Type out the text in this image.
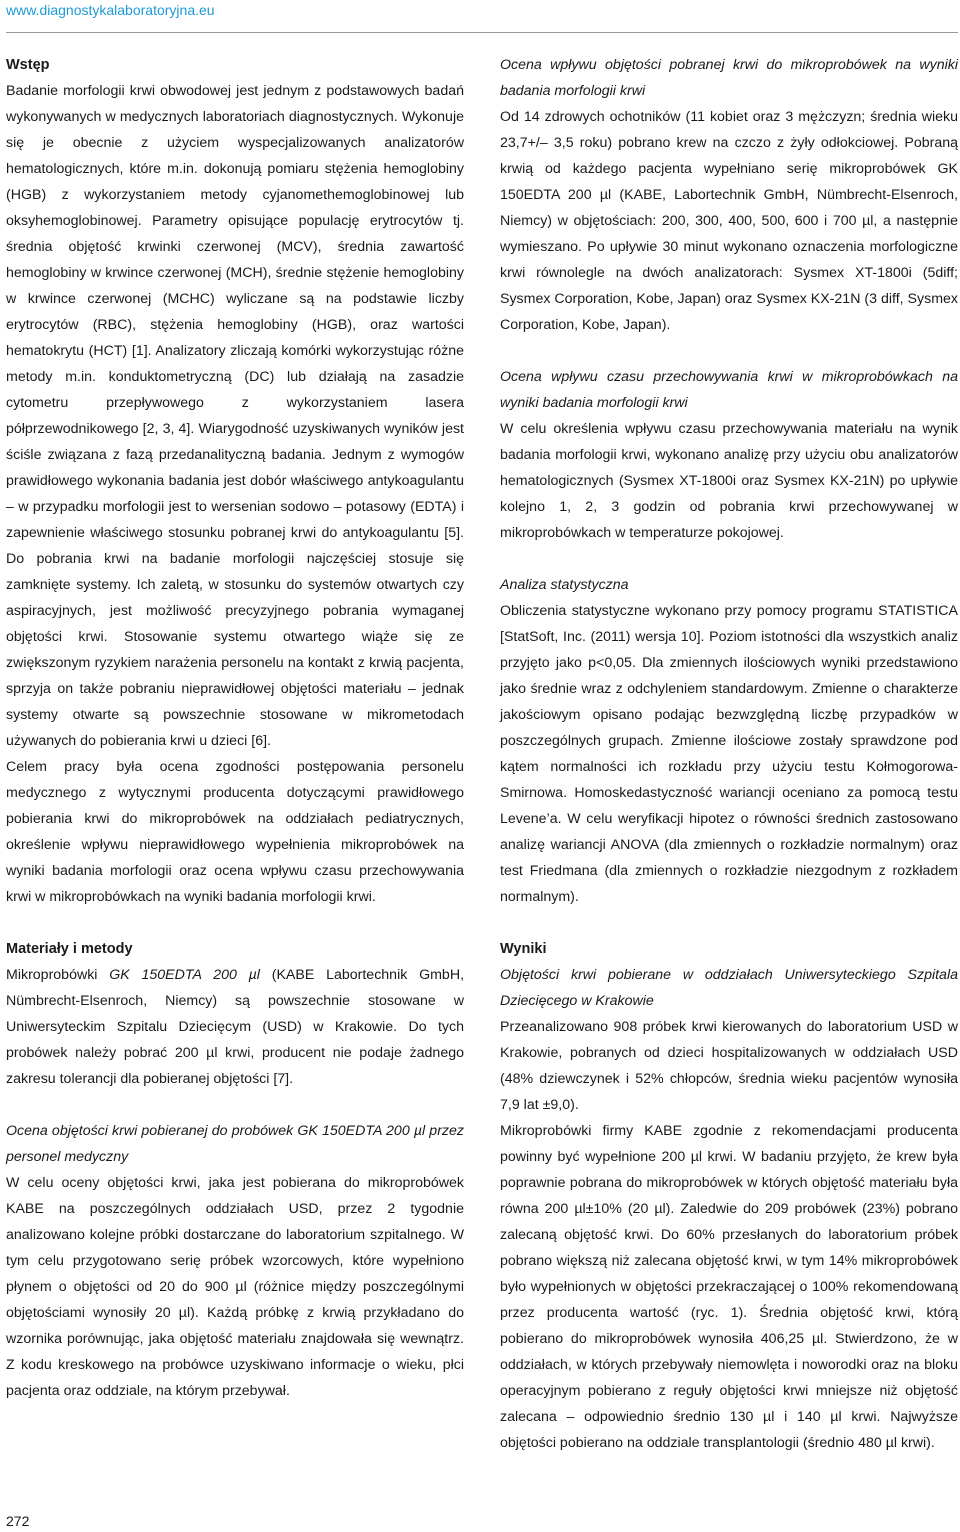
www.diagnostykalaboratoryjna.eu
Wstęp

Badanie morfologii krwi obwodowej jest jednym z podstawowych badań wykonywanych w medycznych laboratoriach diagnostycznych. Wykonuje się je obecnie z użyciem wyspecjalizowanych analizatorów hematologicznych, które m.in. dokonują pomiaru stężenia hemoglobiny (HGB) z wykorzystaniem metody cyjanomethemoglobinowej lub oksyhemoglobinowej. Parametry opisujące populację erytrocytów tj. średnia objętość krwinki czerwonej (MCV), średnia zawartość hemoglobiny w krwince czerwonej (MCH), średnie stężenie hemoglobiny w krwince czerwonej (MCHC) wyliczane są na podstawie liczby erytrocytów (RBC), stężenia hemoglobiny (HGB), oraz wartości hematokrytu (HCT) [1]. Analizatory zliczają komórki wykorzystując różne metody m.in. konduktometryczną (DC) lub działają na zasadzie cytometru przepływowego z wykorzystaniem lasera półprzewodnikowego [2, 3, 4]. Wiarygodność uzyskiwanych wyników jest ściśle związana z fazą przedanalityczną badania. Jednym z wymogów prawidłowego wykonania badania jest dobór właściwego antykoagulantu – w przypadku morfologii jest to wersenian sodowo – potasowy (EDTA) i zapewnienie właściwego stosunku pobranej krwi do antykoagulantu [5]. Do pobrania krwi na badanie morfologii najczęściej stosuje się zamknięte systemy. Ich zaletą, w stosunku do systemów otwartych czy aspiracyjnych, jest możliwość precyzyjnego pobrania wymaganej objętości krwi. Stosowanie systemu otwartego wiąże się ze zwiększonym ryzykiem narażenia personelu na kontakt z krwią pacjenta, sprzyja on także pobraniu nieprawidłowej objętości materiału – jednak systemy otwarte są powszechnie stosowane w mikrometodach używanych do pobierania krwi u dzieci [6].

Celem pracy była ocena zgodności postępowania personelu medycznego z wytycznymi producenta dotyczącymi prawidłowego pobierania krwi do mikroprobówek na oddziałach pediatrycznych, określenie wpływu nieprawidłowego wypełnienia mikroprobówek na wyniki badania morfologii oraz ocena wpływu czasu przechowywania krwi w mikroprobówkach na wyniki badania morfologii krwi.

Materiały i metody

Mikroprobówki GK 150EDTA 200 µl (KABE Labortechnik GmbH, Nümbrecht-Elsenroch, Niemcy) są powszechnie stosowane w Uniwersyteckim Szpitalu Dziecięcym (USD) w Krakowie. Do tych probówek należy pobrać 200 µl krwi, producent nie podaje żadnego zakresu tolerancji dla pobieranej objętości [7].

Ocena objętości krwi pobieranej do probówek GK 150EDTA 200 µl przez personel medyczny

W celu oceny objętości krwi, jaka jest pobierana do mikroprobówek KABE na poszczególnych oddziałach USD, przez 2 tygodnie analizowano kolejne próbki dostarczane do laboratorium szpitalnego. W tym celu przygotowano serię próbek wzorcowych, które wypełniono płynem o objętości od 20 do 900 µl (różnice między poszczególnymi objętościami wynosiły 20 µl). Każdą próbkę z krwią przykładano do wzornika porównując, jaka objętość materiału znajdowała się wewnątrz. Z kodu kreskowego na probówce uzyskiwano informacje o wieku, płci pacjenta oraz oddziale, na którym przebywał.

Ocena wpływu objętości pobranej krwi do mikroprobówek na wyniki badania morfologii krwi

Od 14 zdrowych ochotników (11 kobiet oraz 3 mężczyzn; średnia wieku 23,7+/– 3,5 roku) pobrano krew na czczo z żyły odłokciowej. Pobraną krwią od każdego pacjenta wypełniano serię mikroprobówek GK 150EDTA 200 µl (KABE, Labortechnik GmbH, Nümbrecht-Elsenroch, Niemcy) w objętościach: 200, 300, 400, 500, 600 i 700 µl, a następnie wymieszano. Po upływie 30 minut wykonano oznaczenia morfologiczne krwi równolegle na dwóch analizatorach: Sysmex XT-1800i (5diff; Sysmex Corporation, Kobe, Japan) oraz Sysmex KX-21N (3 diff, Sysmex Corporation, Kobe, Japan).

Ocena wpływu czasu przechowywania krwi w mikroprobówkach na wyniki badania morfologii krwi

W celu określenia wpływu czasu przechowywania materiału na wynik badania morfologii krwi, wykonano analizę przy użyciu obu analizatorów hematologicznych (Sysmex XT-1800i oraz Sysmex KX-21N) po upływie kolejno 1, 2, 3 godzin od pobrania krwi przechowywanej w mikroprobówkach w temperaturze pokojowej.

Analiza statystyczna

Obliczenia statystyczne wykonano przy pomocy programu STATISTICA [StatSoft, Inc. (2011) wersja 10]. Poziom istotności dla wszystkich analiz przyjęto jako p<0,05. Dla zmiennych ilościowych wyniki przedstawiono jako średnie wraz z odchyleniem standardowym. Zmienne o charakterze jakościowym opisano podając bezwzględną liczbę przypadków w poszczególnych grupach. Zmienne ilościowe zostały sprawdzone pod kątem normalności ich rozkładu przy użyciu testu Kołmogorowa-Smirnowa. Homoskedastyczność wariancji oceniano za pomocą testu Levene’a. W celu weryfikacji hipotez o równości średnich zastosowano analizę wariancji ANOVA (dla zmiennych o rozkładzie normalnym) oraz test Friedmana (dla zmiennych o rozkładzie niezgodnym z rozkładem normalnym).

Wyniki

Objętości krwi pobierane w oddziałach Uniwersyteckiego Szpitala Dziecięcego w Krakowie

Przeanalizowano 908 próbek krwi kierowanych do laboratorium USD w Krakowie, pobranych od dzieci hospitalizowanych w oddziałach USD (48% dziewczynek i 52% chłopców, średnia wieku pacjentów wynosiła 7,9 lat ±9,0).

Mikroprobówki firmy KABE zgodnie z rekomendacjami producenta powinny być wypełnione 200 µl krwi. W badaniu przyjęto, że krew była poprawnie pobrana do mikroprobówek w których objętość materiału była równa 200 µl±10% (20 µl). Zaledwie do 209 probówek (23%) pobrano zalecaną objętość krwi. Do 60% przesłanych do laboratorium próbek pobrano większą niż zalecana objętość krwi, w tym 14% mikroprobówek było wypełnionych w objętości przekraczającej o 100% rekomendowaną przez producenta wartość (ryc. 1). Średnia objętość krwi, którą pobierano do mikroprobówek wynosiła 406,25 µl. Stwierdzono, że w oddziałach, w których przebywały niemowlęta i noworodki oraz na bloku operacyjnym pobierano z reguły objętości krwi mniejsze niż objętość zalecana – odpowiednio średnio 130 µl i 140 µl krwi. Najwyższe objętości pobierano na oddziale transplantologii (średnio 480 µl krwi).

272
